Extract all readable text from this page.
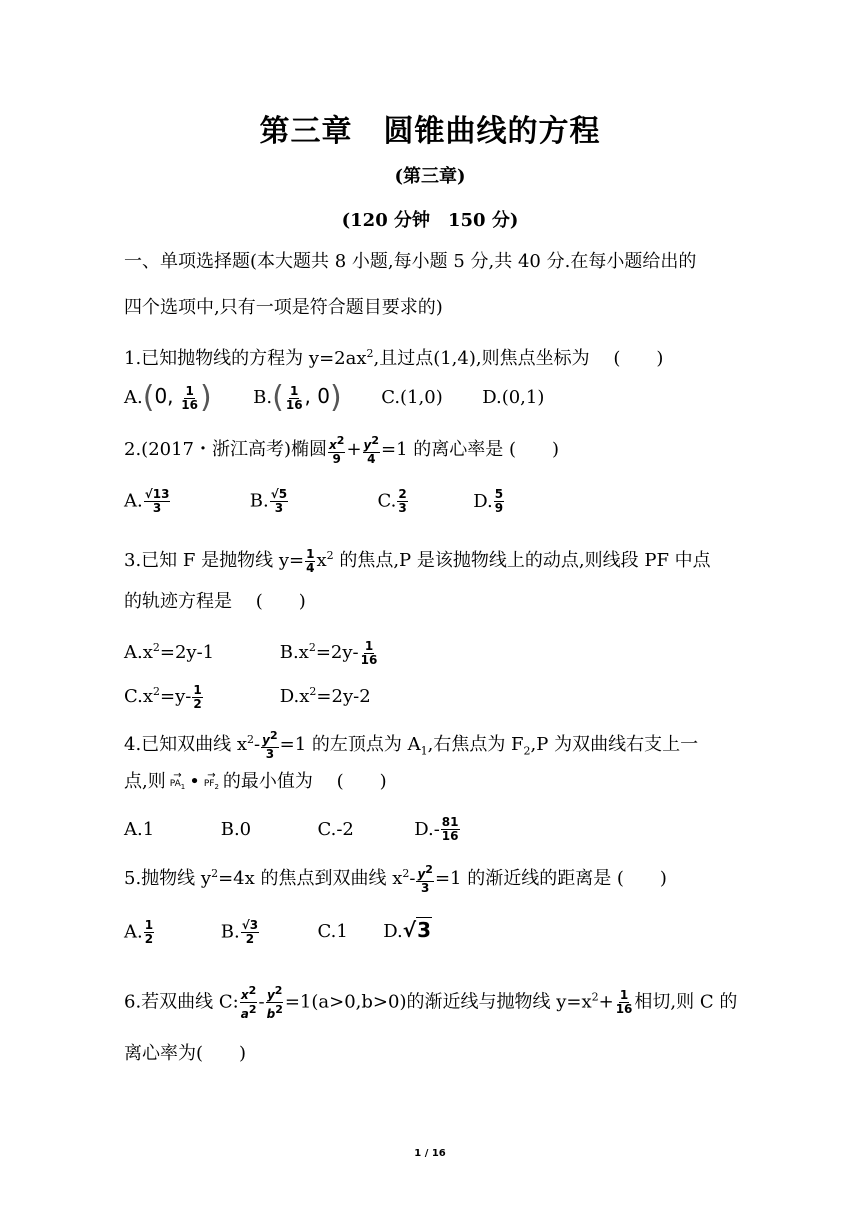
第三章　圆锥曲线的方程
(第三章)
(120 分钟　150 分)
一、单项选择题(本大题共 8 小题,每小题 5 分,共 40 分.在每小题给出的
四个选项中,只有一项是符合题目要求的)
1.已知抛物线的方程为 $y=2ax^2$,且过点(1,4),则焦点坐标为　 (　　)
A.(0, $\frac{1}{16}$ ) $B.( \frac{1}{16}$ , 0) C.(1,0) D.(0,1)
2.(2017・浙江高考)椭圆 $\frac{x^2}{9} + \frac{y^2}{4} =1$ 的离心率是 (　　)
A. $\frac{√13}{3}$	B. $\frac{√5}{3}$	C. $\frac{2}{3}$	D. $\frac{5}{9}$
3.已知 F 是抛物线 $y= \frac{1}{4} x^2$ 的焦点,P 是该抛物线上的动点,则线段 PF 中点
的轨迹方程是　 (　　)
$A.x^2=2y-1$	$B.x^2=2y- \frac{1}{16}$
$C.x^2=y- \frac{1}{2}$	$D.x^2=2y-2$
4.已知双曲线 $x^2- \frac{y^2}{3} =1$ 的左顶点为 $A_1$,右焦点为 $F_2,P$ 为双曲线右支上一
点,则 →
$PA_1$ • →
$PF_2$ 的最小值为　 (　　)
A.1	B.0	C.-2	$D.- \frac{81}{16}$
5.抛物线 $y^2=4x$ 的焦点到双曲线 $x^2- \frac{y^2}{3} =1$ 的渐近线的距离是 (　　)
A. $\frac{1}{2}$	B. $\frac{√3}{2}$	C.1 D.√3
6.若双曲线 C: $\frac{x^2}{a^2} - \frac{y^2}{b^2} =1(a>0,b>0)$的渐近线与抛物线 $y=x^2+ \frac{1}{16}$ 相切,则 C 的
离心率为(　　)
1 / 16
